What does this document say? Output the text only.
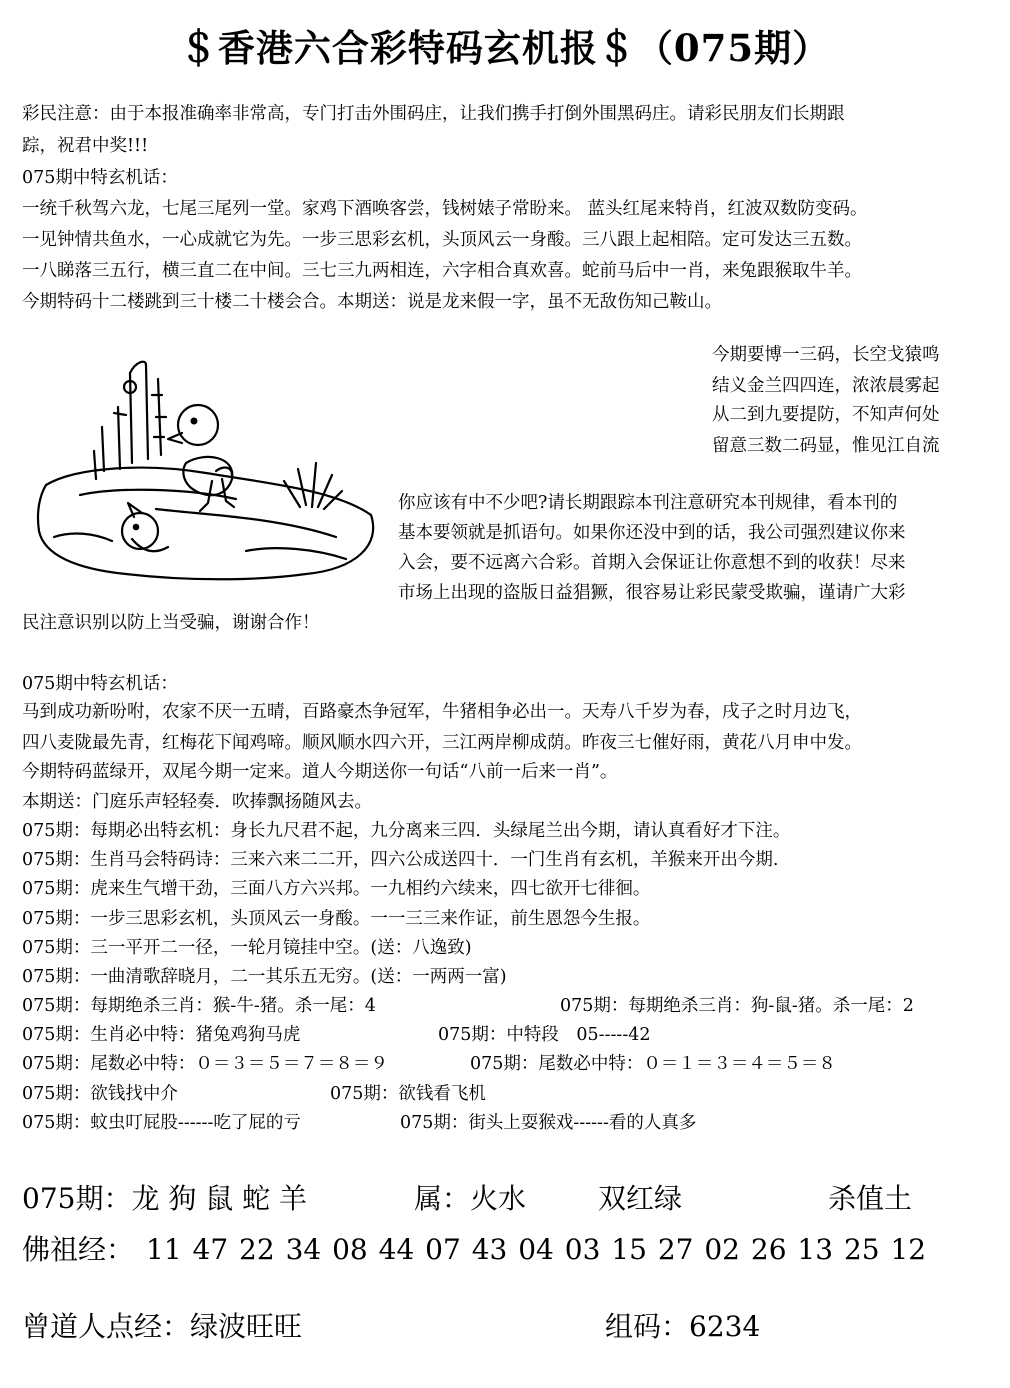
＄香港六合彩特码玄机报＄（075期）
彩民注意：由于本报准确率非常高，专门打击外围码庄，让我们携手打倒外围黑码庄。请彩民朋友们长期跟
踪，祝君中奖!!!
075期中特玄机话：
一统千秋驾六龙，七尾三尾列一堂。家鸡下酒唤客尝，钱树婊子常盼来。 蓝头红尾来特肖，红波双数防变码。
一见钟情共鱼水，一心成就它为先。一步三思彩玄机，头顶风云一身酸。三八跟上起相陪。定可发达三五数。
一八睇落三五行，横三直二在中间。三七三九两相连，六字相合真欢喜。蛇前马后中一肖，来兔跟猴取牛羊。
今期特码十二楼跳到三十楼二十楼会合。本期送：说是龙来假一字，虽不无敌伤知己鞍山。
今期要博一三码，长空戈猿鸣
结义金兰四四连，浓浓晨雾起
从二到九要提防，不知声何处
留意三数二码显，惟见江自流
你应该有中不少吧?请长期跟踪本刊注意研究本刊规律，看本刊的
基本要领就是抓语句。如果你还没中到的话，我公司强烈建议你来
入会，要不远离六合彩。首期入会保证让你意想不到的收获！尽来
市场上出现的盗版日益猖獗，很容易让彩民蒙受欺骗，谨请广大彩
民注意识别以防上当受骗，谢谢合作！
075期中特玄机话：
马到成功新吩咐，农家不厌一五晴，百路豪杰争冠军，牛猪相争必出一。天寿八千岁为春，戌子之时月边飞，
四八麦陇最先青，红梅花下闻鸡啼。顺风顺水四六开，三江两岸柳成荫。昨夜三七催好雨，黄花八月申中发。
今期特码蓝绿开，双尾今期一定来。道人今期送你一句话“八前一后来一肖”。
本期送：门庭乐声轻轻奏．吹捧飘扬随风去。
075期：每期必出特玄机：身长九尺君不起，九分离来三四．头绿尾兰出今期，请认真看好才下注。
075期：生肖马会特码诗：三来六来二二开，四六公成送四十．一门生肖有玄机，羊猴来开出今期.
075期：虎来生气增干劲，三面八方六兴邦。一九相约六续来，四七欲开七徘徊。
075期：一步三思彩玄机，头顶风云一身酸。一一三三来作证，前生恩怨今生报。
075期：三一平开二一径，一轮月镜挂中空。(送：八逸致)
075期：一曲清歌辞晓月，二一其乐五无穷。(送：一两两一富)
075期：每期绝杀三肖：猴-牛-猪。杀一尾：4	075期：每期绝杀三肖：狗-鼠-猪。杀一尾：2
075期：生肖必中特：猪兔鸡狗马虎	075期：中特段　05-----42
075期：尾数必中特：０＝３＝５＝７＝８＝９	075期：尾数必中特：０＝１＝３＝４＝５＝８
075期：欲钱找中介	075期：欲钱看飞机
075期：蚊虫叮屁股------吃了屁的亏	075期：街头上耍猴戏------看的人真多
075期：龙 狗 鼠 蛇 羊	属：火水	双红绿	杀值土
佛祖经： 11 47 22 34 08 44 07 43 04 03 15 27 02 26 13 25 12
曾道人点经：绿波旺旺	组码：6234
